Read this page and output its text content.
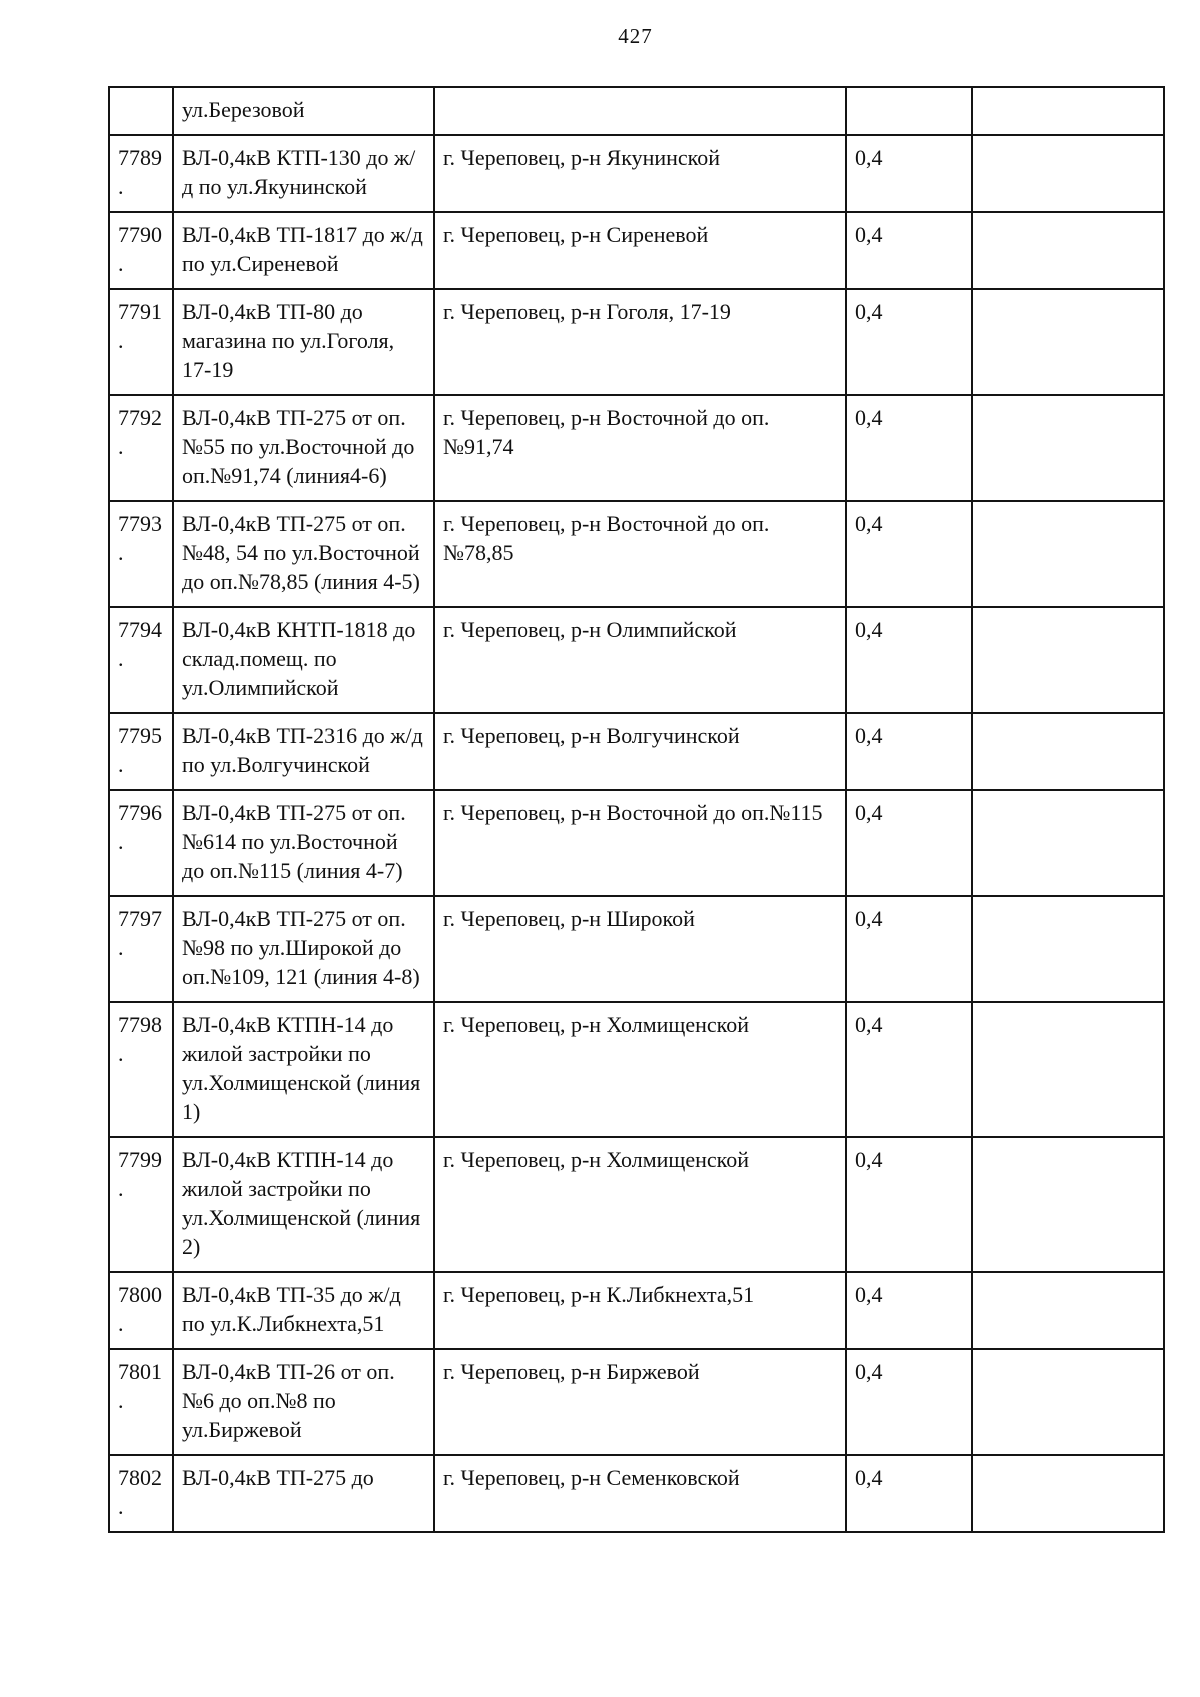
427
	ул.Березовой			
7789.	ВЛ-0,4кВ КТП-130 до ж/д по ул.Якунинской	г. Череповец, р-н Якунинской	0,4	
7790.	ВЛ-0,4кВ ТП-1817 до ж/д по ул.Сиреневой	г. Череповец, р-н Сиреневой	0,4	
7791.	ВЛ-0,4кВ ТП-80 до магазина по ул.Гоголя, 17-19	г. Череповец, р-н Гоголя, 17-19	0,4	
7792.	ВЛ-0,4кВ ТП-275 от оп.№55 по ул.Восточной до оп.№91,74 (линия4-6)	г. Череповец, р-н Восточной до оп.№91,74	0,4	
7793.	ВЛ-0,4кВ ТП-275 от оп.№48, 54 по ул.Восточной до оп.№78,85 (линия 4-5)	г. Череповец, р-н Восточной до оп.№78,85	0,4	
7794.	ВЛ-0,4кВ КНТП-1818 до склад.помещ. по ул.Олимпийской	г. Череповец, р-н Олимпийской	0,4	
7795.	ВЛ-0,4кВ ТП-2316 до ж/д по ул.Волгучинской	г. Череповец, р-н Волгучинской	0,4	
7796.	ВЛ-0,4кВ ТП-275 от оп.№614 по ул.Восточной до оп.№115 (линия 4-7)	г. Череповец, р-н Восточной до оп.№115	0,4	
7797.	ВЛ-0,4кВ ТП-275 от оп.№98 по ул.Широкой до оп.№109, 121 (линия 4-8)	г. Череповец, р-н Широкой	0,4	
7798.	ВЛ-0,4кВ КТПН-14 до жилой застройки по ул.Холмищенской (линия 1)	г. Череповец, р-н Холмищенской	0,4	
7799.	ВЛ-0,4кВ КТПН-14 до жилой застройки по ул.Холмищенской (линия 2)	г. Череповец, р-н Холмищенской	0,4	
7800.	ВЛ-0,4кВ ТП-35 до ж/д по ул.К.Либкнехта,51	г. Череповец, р-н К.Либкнехта,51	0,4	
7801.	ВЛ-0,4кВ ТП-26 от оп.№6 до оп.№8 по ул.Биржевой	г. Череповец, р-н Биржевой	0,4	
7802.	ВЛ-0,4кВ ТП-275 до	г. Череповец, р-н Семенковской	0,4	
